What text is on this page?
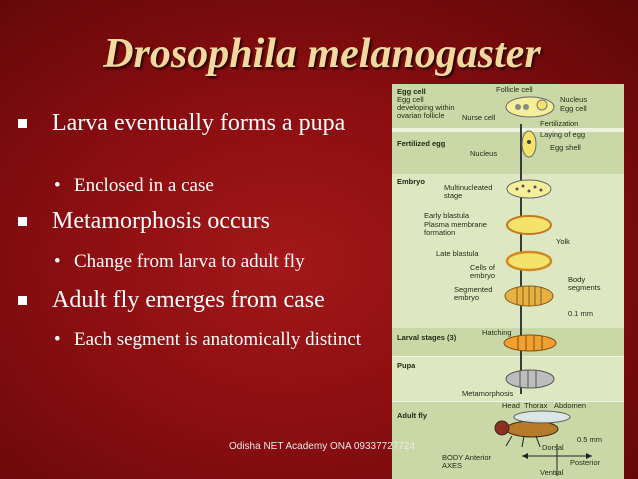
Drosophila melanogaster
Larva eventually forms a pupa
• Enclosed in a case
Metamorphosis occurs
• Change from larva to adult fly
Adult fly emerges from case
• Each segment is anatomically distinct
Egg cell
Egg cell developing within ovarian follicle
Follicle cell
Nucleus
Egg cell
Nurse cell
Fertilization
Laying of egg
Fertilized egg
Nucleus
Egg shell
Embryo
Multinucleated stage
Early blastula
Plasma membrane formation
Yolk
Late blastula
Cells of embryo	Body segments
Segmented embryo
0.1 mm
Larval stages (3)
Hatching
Pupa
Metamorphosis
Adult fly
Head Thorax Abdomen
0.5 mm
Dorsal
BODY Anterior AXES	Posterior
Ventral
Odisha NET Academy ONA 09337727724
